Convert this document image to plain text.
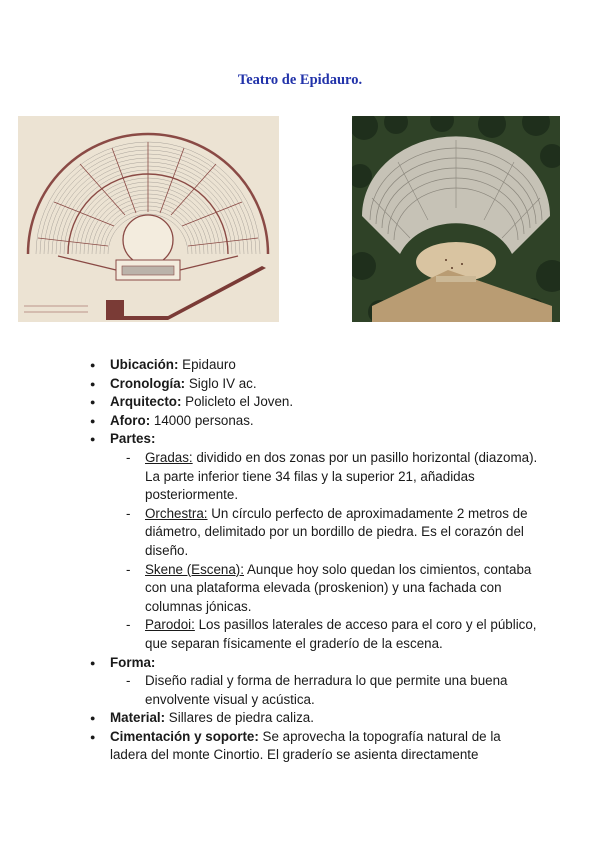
Teatro de Epidauro.
● Ubicación: Epidauro
● Cronología: Siglo IV ac.
● Arquitecto: Policleto el Joven.
● Aforo: 14000 personas.
● Partes:
- Gradas: dividido en dos zonas por un pasillo horizontal (diazoma). La parte inferior tiene 34 filas y la superior 21, añadidas posteriormente.
- Orchestra: Un círculo perfecto de aproximadamente 2 metros de diámetro, delimitado por un bordillo de piedra. Es el corazón del diseño.
- Skene (Escena): Aunque hoy solo quedan los cimientos, contaba con una plataforma elevada (proskenion) y una fachada con columnas jónicas.
- Parodoi: Los pasillos laterales de acceso para el coro y el público, que separan físicamente el graderío de la escena.
● Forma:
- Diseño radial y forma de herradura lo que permite una buena envolvente visual y acústica.
● Material: Sillares de piedra caliza.
● Cimentación y soporte: Se aprovecha la topografía natural de la ladera del monte Cinortio. El graderío se asienta directamente
